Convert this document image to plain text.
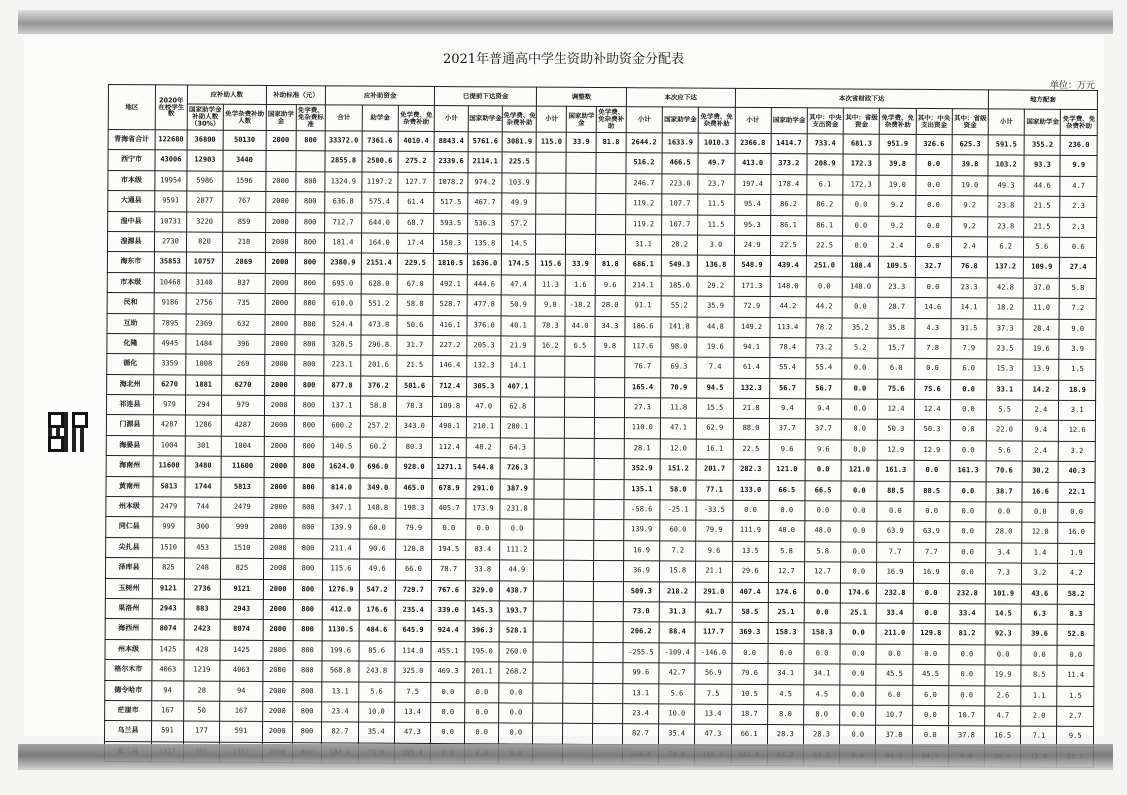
2021年普通高中学生资助补助资金分配表
单位：万元
地区	2020年在校学生数	应补助人数		补助标准（元）		应补助资金			已提前下达资金			调整数			本次应下达			本次省财政下达							地方配套		
		国家助学金补助人数（30%）	免学杂费补助人数	国家助学金	免学费、免杂费标准	合计	助学金	免学费、免杂费补助	小计	国家助学金	免学费、免杂费补助	小计	国家助学金	免学费、免杂费补助	小计	国家助学金	免学费、免杂费补助	小计	国家助学金	其中：中央支出资金	其中：省级资金	免学费、免杂费补助	其中：中央支出资金	其中：省级资金	小计	国家助学金	免学费、免杂费补助
青海省合计	122680	36800	50130	2000	800	33372.0	7361.6	4010.4	8843.4	5761.6	3081.9	115.0	33.9	81.8	2644.2	1633.9	1010.3	2366.8	1414.7	733.4	681.3	951.9	326.6	625.3	591.5	355.2	236.0
西宁市	43006	12903	3440			2855.8	2580.6	275.2	2339.6	2114.1	225.5				516.2	466.5	49.7	413.0	373.2	208.9	172.3	39.8	0.0	39.8	103.2	93.3	9.9
市本级	19954	5986	1596	2000	800	1324.9	1197.2	127.7	1078.2	974.2	103.9				246.7	223.0	23.7	197.4	178.4	6.1	172.3	19.0	0.0	19.0	49.3	44.6	4.7
大通县	9591	2877	767	2000	800	636.8	575.4	61.4	517.5	467.7	49.9				119.2	107.7	11.5	95.4	86.2	86.2	0.0	9.2	0.0	9.2	23.8	21.5	2.3
湟中县	10731	3220	859	2000	800	712.7	644.0	68.7	593.5	536.3	57.2				119.2	107.7	11.5	95.3	86.1	86.1	0.0	9.2	0.0	9.2	23.8	21.5	2.3
湟源县	2730	820	218	2000	800	181.4	164.0	17.4	150.3	135.8	14.5				31.1	28.2	3.0	24.9	22.5	22.5	0.0	2.4	0.0	2.4	6.2	5.6	0.6
海东市	35853	10757	2869	2000	800	2380.9	2151.4	229.5	1810.5	1636.0	174.5	115.6	33.9	81.8	686.1	549.3	136.8	548.9	439.4	251.0	188.4	109.5	32.7	76.8	137.2	109.9	27.4
市本级	10468	3140	837	2000	800	695.0	628.0	67.0	492.1	444.6	47.4	11.3	1.6	9.6	214.1	185.0	29.2	171.3	148.0	0.0	148.0	23.3	0.0	23.3	42.8	37.0	5.8
民和	9186	2756	735	2000	800	610.0	551.2	58.8	528.7	477.8	50.9	9.8	-18.2	28.0	91.1	55.2	35.9	72.9	44.2	44.2	0.0	28.7	14.6	14.1	18.2	11.0	7.2
互助	7895	2369	632	2000	800	524.4	473.8	50.6	416.1	376.0	40.1	78.3	44.0	34.3	186.6	141.8	44.8	149.2	113.4	78.2	35.2	35.8	4.3	31.5	37.3	28.4	9.0
化隆	4945	1484	396	2000	800	328.5	296.8	31.7	227.2	205.3	21.9	16.2	6.5	9.8	117.6	98.0	19.6	94.1	78.4	73.2	5.2	15.7	7.8	7.9	23.5	19.6	3.9
循化	3359	1008	269	2000	800	223.1	201.6	21.5	146.4	132.3	14.1				76.7	69.3	7.4	61.4	55.4	55.4	0.0	6.0	0.0	6.0	15.3	13.9	1.5
海北州	6270	1881	6270	2000	800	877.8	376.2	501.6	712.4	305.3	407.1				165.4	70.9	94.5	132.3	56.7	56.7	0.0	75.6	75.6	0.0	33.1	14.2	18.9
祁连县	979	294	979	2000	800	137.1	58.8	78.3	109.8	47.0	62.8				27.3	11.8	15.5	21.8	9.4	9.4	0.0	12.4	12.4	0.0	5.5	2.4	3.1
门源县	4287	1286	4287	2000	800	600.2	257.2	343.0	490.1	210.1	280.1				110.0	47.1	62.9	88.0	37.7	37.7	0.0	50.3	50.3	0.0	22.0	9.4	12.6
海晏县	1004	301	1004	2000	800	140.5	60.2	80.3	112.4	48.2	64.3				28.1	12.0	16.1	22.5	9.6	9.6	0.0	12.9	12.9	0.0	5.6	2.4	3.2
海南州	11600	3480	11600	2000	800	1624.0	696.0	928.0	1271.1	544.8	726.3				352.9	151.2	201.7	282.3	121.0	0.0	121.0	161.3	0.0	161.3	70.6	30.2	40.3
黄南州	5813	1744	5813	2000	800	814.0	349.0	465.0	678.9	291.0	387.9				135.1	58.0	77.1	133.0	66.5	66.5	0.0	88.5	88.5	0.0	38.7	16.6	22.1
州本级	2479	744	2479	2000	800	347.1	148.8	198.3	405.7	173.9	231.8				-58.6	-25.1	-33.5	0.0	0.0	0.0	0.0	0.0	0.0	0.0	0.0	0.0	0.0
同仁县	999	300	999	2000	800	139.9	60.0	79.9	0.0	0.0	0.0				139.9	60.0	79.9	111.9	48.0	48.0	0.0	63.9	63.9	0.0	28.0	12.0	16.0
尖扎县	1510	453	1510	2000	800	211.4	90.6	120.8	194.5	83.4	111.2				16.9	7.2	9.6	13.5	5.8	5.8	0.0	7.7	7.7	0.0	3.4	1.4	1.9
泽库县	825	248	825	2000	800	115.6	49.6	66.0	78.7	33.8	44.9				36.9	15.8	21.1	29.6	12.7	12.7	0.0	16.9	16.9	0.0	7.3	3.2	4.2
玉树州	9121	2736	9121	2000	800	1276.9	547.2	729.7	767.6	329.0	438.7				509.3	218.2	291.0	407.4	174.6	0.0	174.6	232.8	0.0	232.8	101.9	43.6	58.2
果洛州	2943	883	2943	2000	800	412.0	176.6	235.4	339.0	145.3	193.7				73.0	31.3	41.7	58.5	25.1	0.0	25.1	33.4	0.0	33.4	14.5	6.3	8.3
海西州	8074	2423	8074	2000	800	1130.5	484.6	645.9	924.4	396.3	528.1				206.2	88.4	117.7	369.3	158.3	158.3	0.0	211.0	129.8	81.2	92.3	39.6	52.8
州本级	1425	428	1425	2000	800	199.6	85.6	114.0	455.1	195.0	260.0				-255.5	-109.4	-146.0	0.0	0.0	0.0	0.0	0.0	0.0	0.0	0.0	0.0	0.0
格尔木市	4063	1219	4063	2000	800	568.8	243.8	325.0	469.3	201.1	268.2				99.6	42.7	56.9	79.6	34.1	34.1	0.0	45.5	45.5	0.0	19.9	8.5	11.4
德令哈市	94	28	94	2000	800	13.1	5.6	7.5	0.0	0.0	0.0				13.1	5.6	7.5	10.5	4.5	4.5	0.0	6.0	6.0	0.0	2.6	1.1	1.5
茫崖市	167	50	167	2000	800	23.4	10.0	13.4	0.0	0.0	0.0				23.4	10.0	13.4	18.7	8.0	8.0	0.0	10.7	0.0	10.7	4.7	2.0	2.7
乌兰县	591	177	591	2000	800	82.7	35.4	47.3	0.0	0.0	0.0				82.7	35.4	47.3	66.1	28.3	28.3	0.0	37.8	0.0	37.8	16.5	7.1	9.5
